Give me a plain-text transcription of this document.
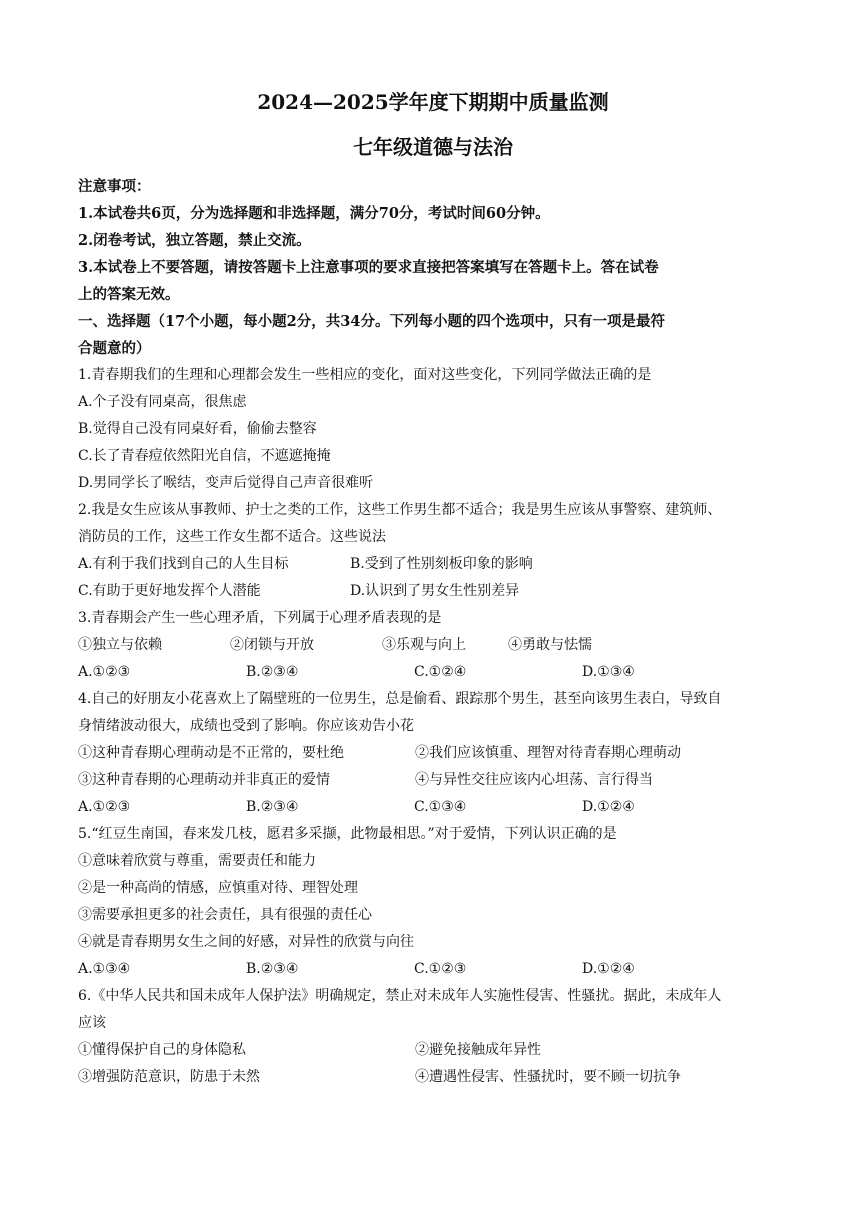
2024—2025学年度下期期中质量监测
七年级道德与法治
注意事项：
1.本试卷共6页，分为选择题和非选择题，满分70分，考试时间60分钟。
2.闭卷考试，独立答题，禁止交流。
3.本试卷上不要答题，请按答题卡上注意事项的要求直接把答案填写在答题卡上。答在试卷
上的答案无效。
一、选择题（17个小题，每小题2分，共34分。下列每小题的四个选项中，只有一项是最符
合题意的）
1.青春期我们的生理和心理都会发生一些相应的变化，面对这些变化，下列同学做法正确的是
A.个子没有同桌高，很焦虑
B.觉得自己没有同桌好看，偷偷去整容
C.长了青春痘依然阳光自信，不遮遮掩掩
D.男同学长了喉结，变声后觉得自己声音很难听
2.我是女生应该从事教师、护士之类的工作，这些工作男生都不适合；我是男生应该从事警察、建筑师、
消防员的工作，这些工作女生都不适合。这些说法
A.有利于我们找到自己的人生目标	B.受到了性别刻板印象的影响
C.有助于更好地发挥个人潜能	D.认识到了男女生性别差异
3.青春期会产生一些心理矛盾，下列属于心理矛盾表现的是
①独立与依赖	②闭锁与开放	③乐观与向上	④勇敢与怯懦
A.①②③	B.②③④	C.①②④	D.①③④
4.自己的好朋友小花喜欢上了隔壁班的一位男生，总是偷看、跟踪那个男生，甚至向该男生表白，导致自
身情绪波动很大，成绩也受到了影响。你应该劝告小花
①这种青春期心理萌动是不正常的，要杜绝	②我们应该慎重、理智对待青春期心理萌动
③这种青春期的心理萌动并非真正的爱情	④与异性交往应该内心坦荡、言行得当
A.①②③	B.②③④	C.①③④	D.①②④
5.“红豆生南国，春来发几枝，愿君多采撷，此物最相思。”对于爱情，下列认识正确的是
①意味着欣赏与尊重，需要责任和能力
②是一种高尚的情感，应慎重对待、理智处理
③需要承担更多的社会责任，具有很强的责任心
④就是青春期男女生之间的好感，对异性的欣赏与向往
A.①③④	B.②③④	C.①②③	D.①②④
6.《中华人民共和国未成年人保护法》明确规定，禁止对未成年人实施性侵害、性骚扰。据此，未成年人
应该
①懂得保护自己的身体隐私	②避免接触成年异性
③增强防范意识，防患于未然	④遭遇性侵害、性骚扰时，要不顾一切抗争
